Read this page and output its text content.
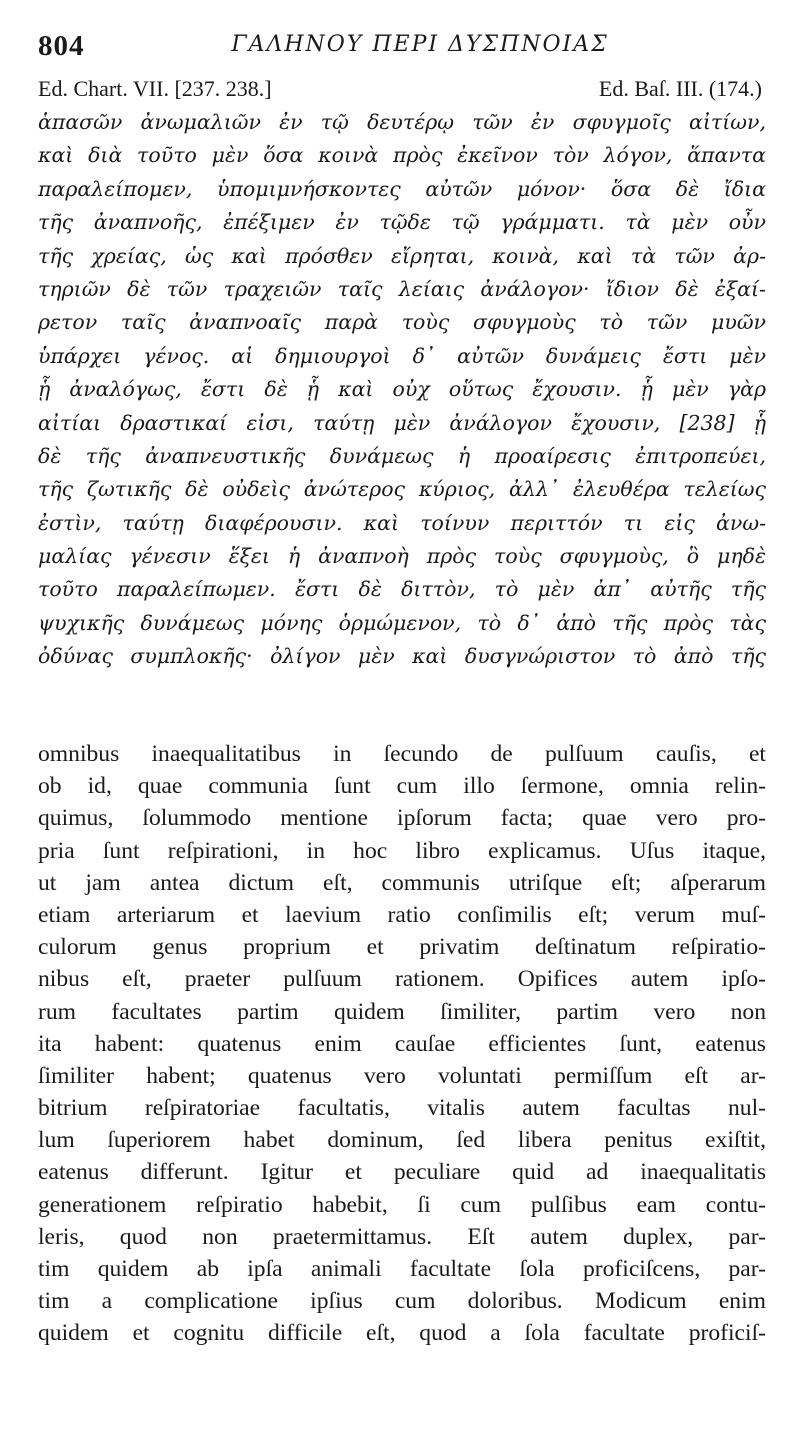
804	ΓΑΛΗΝΟΥ ΠΕΡΙ ΔΥΣΠΝΟΙΑΣ
Ed. Chart. VII. [237. 238.]	Ed. Baſ. III. (174.)
ἁπασῶν ἀνωμαλιῶν ἐν τῷ δευτέρῳ τῶν ἐν σφυγμοῖς αἰτίων,
καὶ διὰ τοῦτο μὲν ὅσα κοινὰ πρὸς ἐκεῖνον τὸν λόγον, ἅπαντα
παραλείπομεν, ὑπομιμνήσκοντες αὐτῶν μόνον· ὅσα δὲ ἴδια
τῆς ἀναπνοῆς, ἐπέξιμεν ἐν τῷδε τῷ γράμματι. τὰ μὲν οὖν
τῆς χρείας, ὡς καὶ πρόσθεν εἴρηται, κοινὰ, καὶ τὰ τῶν ἀρ-
τηριῶν δὲ τῶν τραχειῶν ταῖς λείαις ἀνάλογον· ἴδιον δὲ ἐξαί-
ρετον ταῖς ἀναπνοαῖς παρὰ τοὺς σφυγμοὺς τὸ τῶν μυῶν
ὑπάρχει γένος. αἱ δημιουργοὶ δ᾽ αὐτῶν δυνάμεις ἔστι μὲν
ᾗ ἀναλόγως, ἔστι δὲ ᾗ καὶ οὐχ οὕτως ἔχουσιν. ᾗ μὲν γὰρ
αἰτίαι δραστικαί εἰσι, ταύτῃ μὲν ἀνάλογον ἔχουσιν, [238] ᾗ
δὲ τῆς ἀναπνευστικῆς δυνάμεως ἡ προαίρεσις ἐπιτροπεύει,
τῆς ζωτικῆς δὲ οὐδεὶς ἀνώτερος κύριος, ἀλλ᾽ ἐλευθέρα τελείως
ἐστὶν, ταύτῃ διαφέρουσιν. καὶ τοίνυν περιττόν τι εἰς ἀνω-
μαλίας γένεσιν ἕξει ἡ ἀναπνοὴ πρὸς τοὺς σφυγμοὺς, ὃ μηδὲ
τοῦτο παραλείπωμεν. ἔστι δὲ διττὸν, τὸ μὲν ἀπ᾽ αὐτῆς τῆς
ψυχικῆς δυνάμεως μόνης ὁρμώμενον, τὸ δ᾽ ἀπὸ τῆς πρὸς τὰς
ὀδύνας συμπλοκῆς· ὀλίγον μὲν καὶ δυσγνώριστον τὸ ἀπὸ τῆς
omnibus inaequalitatibus in ſecundo de pulſuum cauſis, et
ob id, quae communia ſunt cum illo ſermone, omnia relin-
quimus, ſolummodo mentione ipſorum facta; quae vero pro-
pria ſunt reſpirationi, in hoc libro explicamus. Uſus itaque,
ut jam antea dictum eſt, communis utriſque eſt; aſperarum
etiam arteriarum et laevium ratio conſimilis eſt; verum muſ-
culorum genus proprium et privatim deſtinatum reſpiratio-
nibus eſt, praeter pulſuum rationem. Opifices autem ipſo-
rum facultates partim quidem ſimiliter, partim vero non
ita habent: quatenus enim cauſae efficientes ſunt, eatenus
ſimiliter habent; quatenus vero voluntati permiſſum eſt ar-
bitrium reſpiratoriae facultatis, vitalis autem facultas nul-
lum ſuperiorem habet dominum, ſed libera penitus exiſtit,
eatenus differunt. Igitur et peculiare quid ad inaequalitatis
generationem reſpiratio habebit, ſi cum pulſibus eam contu-
leris, quod non praetermittamus. Eſt autem duplex, par-
tim quidem ab ipſa animali facultate ſola proficiſcens, par-
tim a complicatione ipſius cum doloribus. Modicum enim
quidem et cognitu difficile eſt, quod a ſola facultate proficiſ-
